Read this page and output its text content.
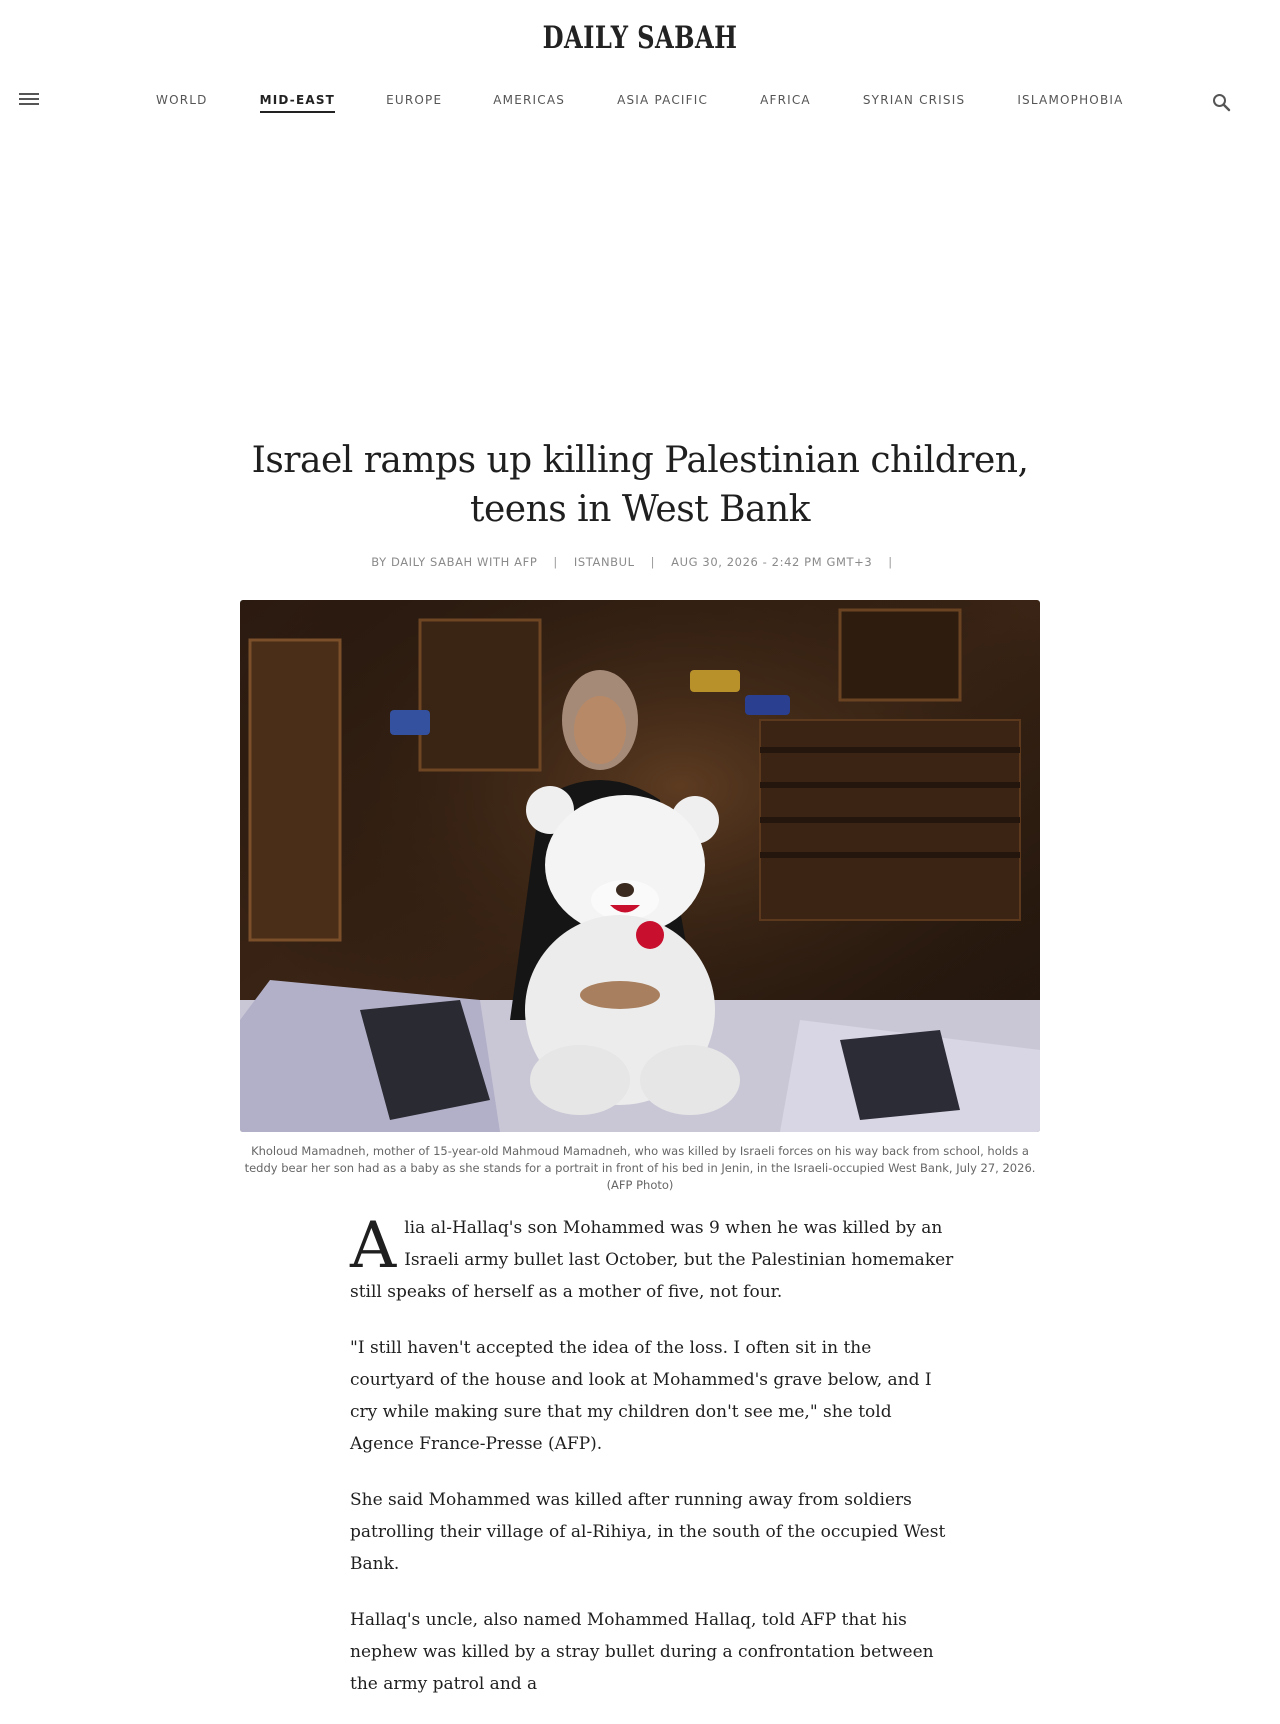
DAILY SABAH
WORLD	MID-EAST	EUROPE	AMERICAS	ASIA PACIFIC	AFRICA	SYRIAN CRISIS	ISLAMOPHOBIA
Israel ramps up killing Palestinian children, teens in West Bank
BY DAILY SABAH WITH AFP | ISTANBUL | AUG 30, 2026 - 2:42 PM GMT+3 |
Kholoud Mamadneh, mother of 15-year-old Mahmoud Mamadneh, who was killed by Israeli forces on his way back from school, holds a teddy bear her son had as a baby as she stands for a portrait in front of his bed in Jenin, in the Israeli-occupied West Bank, July 27, 2026. (AFP Photo)

Alia al-Hallaq's son Mohammed was 9 when he was killed by an Israeli army bullet last October, but the Palestinian homemaker still speaks of herself as a mother of five, not four.

"I still haven't accepted the idea of the loss. I often sit in the courtyard of the house and look at Mohammed's grave below, and I cry while making sure that my children don't see me," she told Agence France-Presse (AFP).

She said Mohammed was killed after running away from soldiers patrolling their village of al-Rihiya, in the south of the occupied West Bank.

Hallaq's uncle, also named Mohammed Hallaq, told AFP that his nephew was killed by a stray bullet during a confrontation between the army patrol and a
